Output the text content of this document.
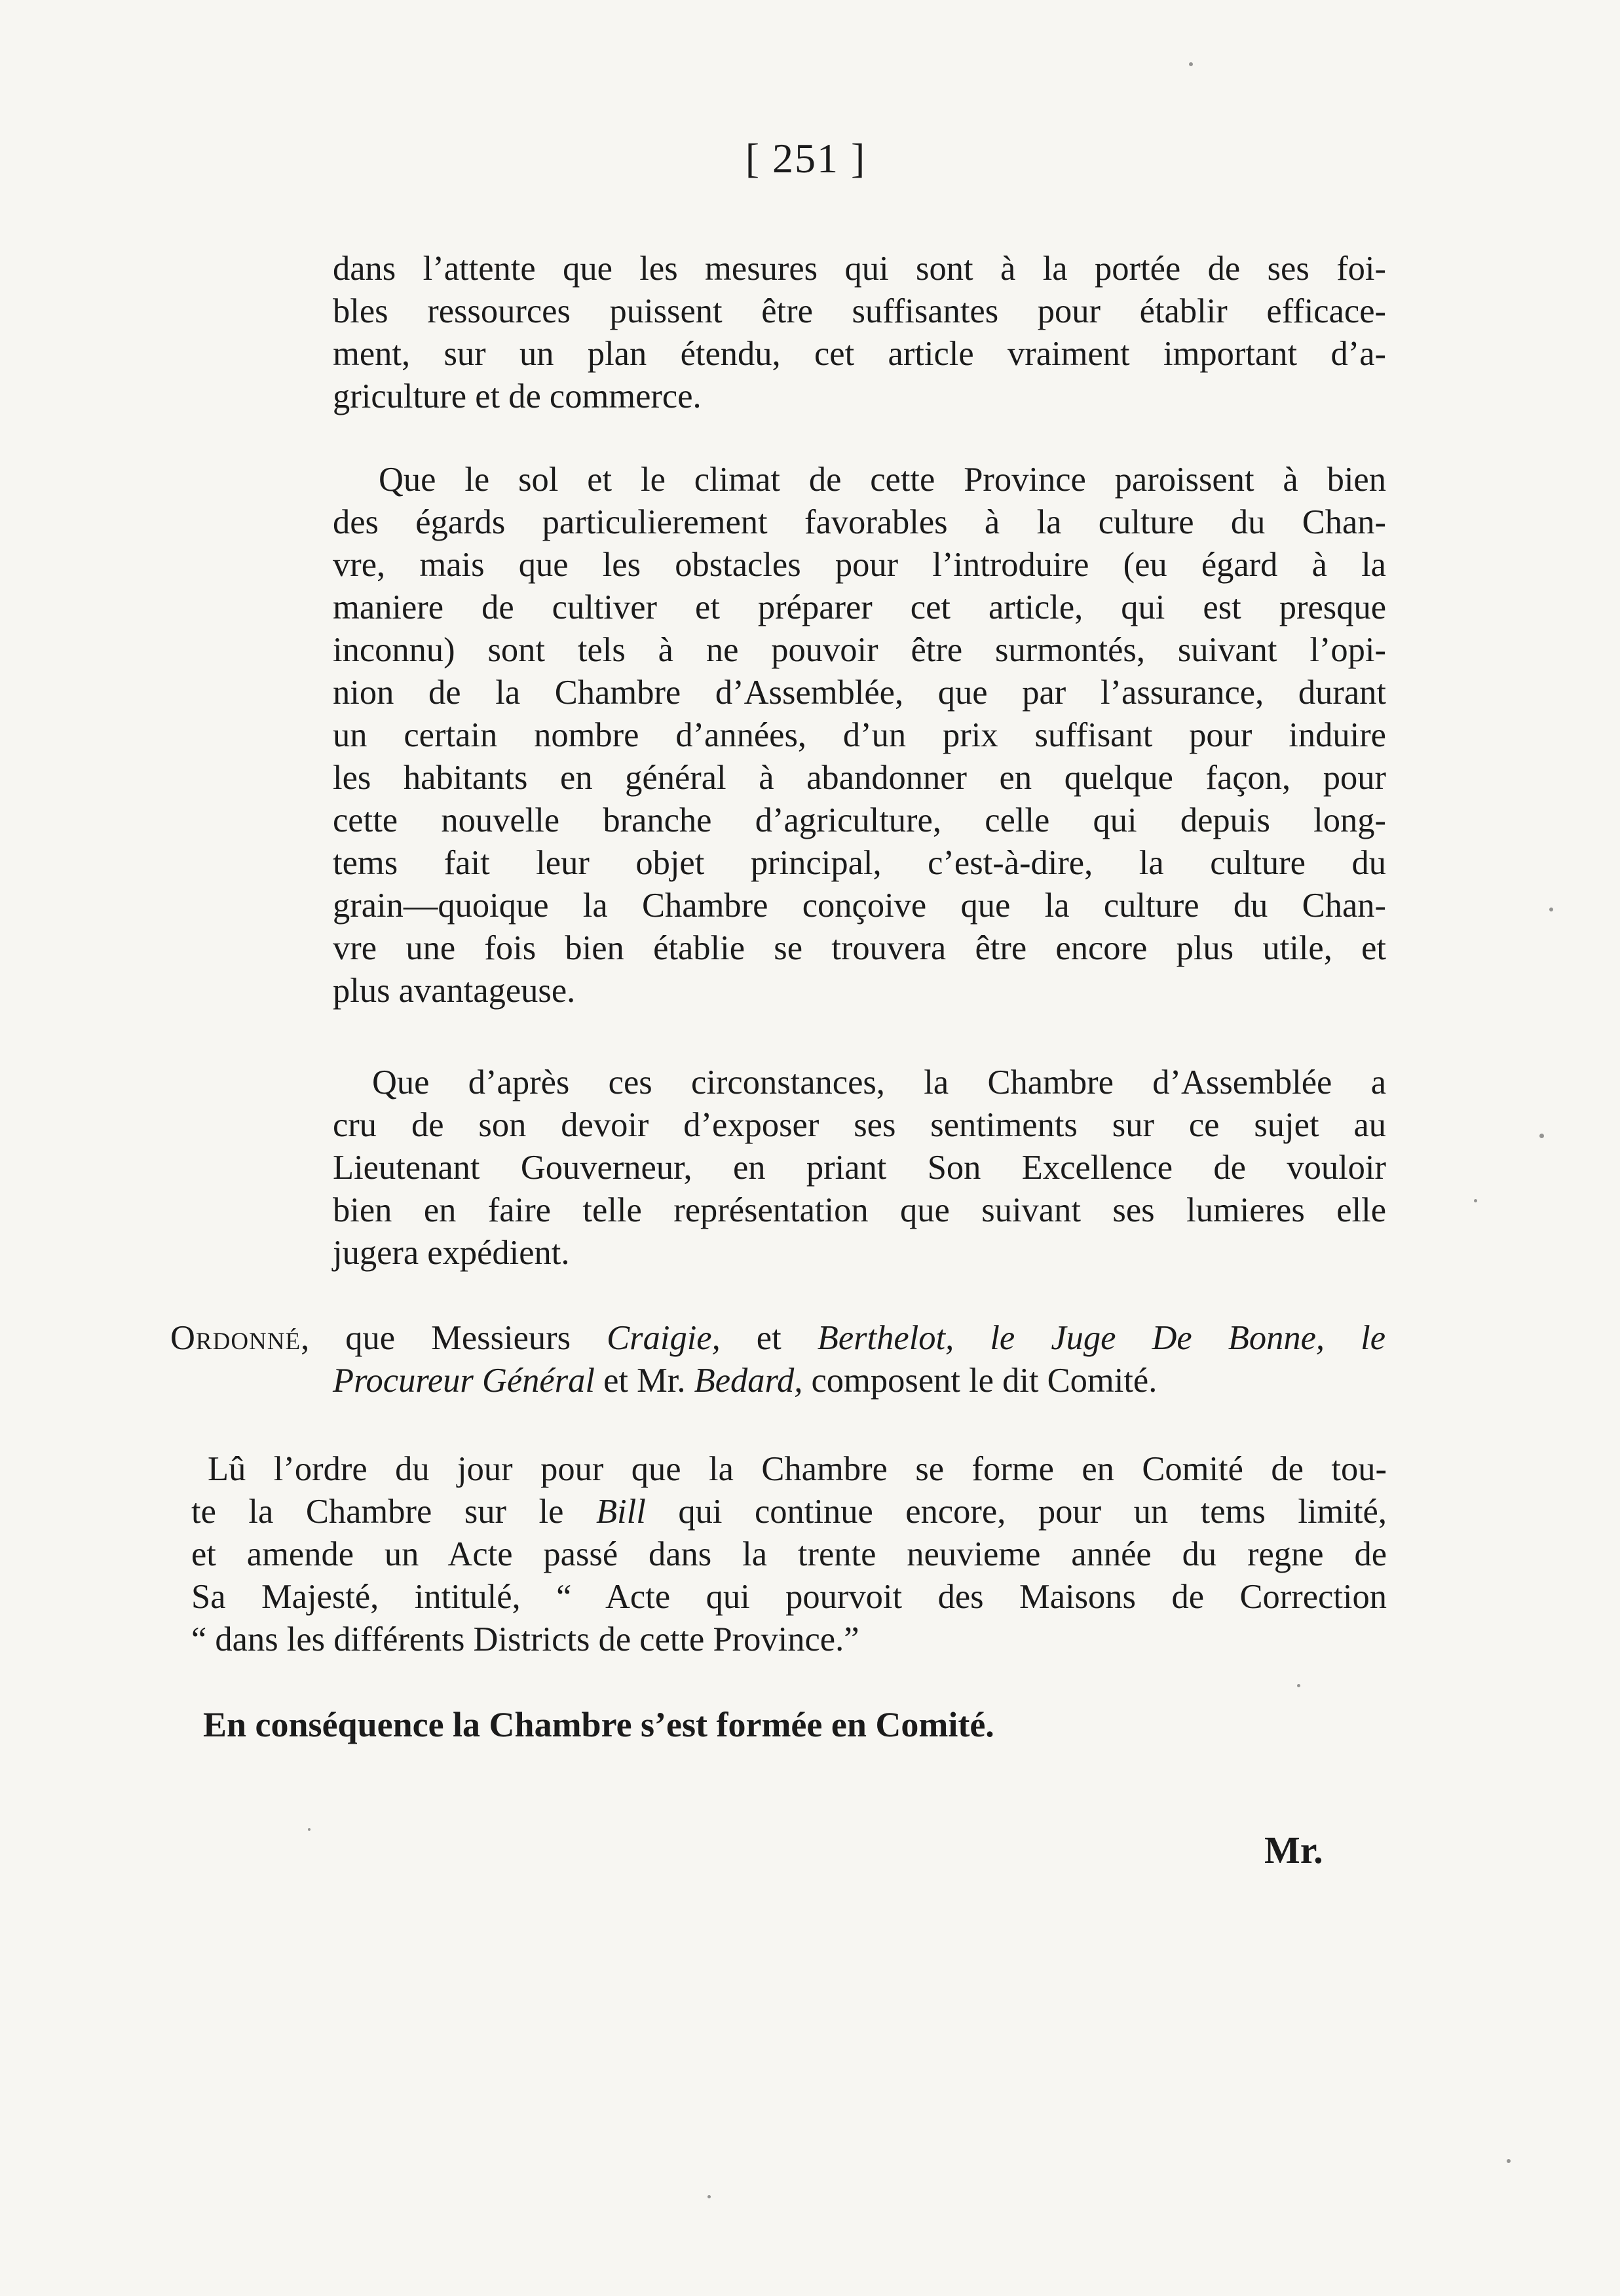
[ 251 ]
dans l’attente que les mesures qui sont à la portée de ses foi-
bles ressources puissent être suffisantes pour établir efficace-
ment, sur un plan étendu, cet article vraiment important d’a-
griculture et de commerce.
Que le sol et le climat de cette Province paroissent à bien
des égards particulierement favorables à la culture du Chan-
vre, mais que les obstacles pour l’introduire (eu égard à la
maniere de cultiver et préparer cet article, qui est presque
inconnu) sont tels à ne pouvoir être surmontés, suivant l’opi-
nion de la Chambre d’Assemblée, que par l’assurance, durant
un certain nombre d’années, d’un prix suffisant pour induire
les habitants en général à abandonner en quelque façon, pour
cette nouvelle branche d’agriculture, celle qui depuis long-
tems fait leur objet principal, c’est-à-dire, la culture du
grain—quoique la Chambre conçoive que la culture du Chan-
vre une fois bien établie se trouvera être encore plus utile, et
plus avantageuse.
Que d’après ces circonstances, la Chambre d’Assemblée a
cru de son devoir d’exposer ses sentiments sur ce sujet au
Lieutenant Gouverneur, en priant Son Excellence de vouloir
bien en faire telle représentation que suivant ses lumieres elle
jugera expédient.
Ordonné, que Messieurs Craigie, et Berthelot, le Juge De Bonne, le
Procureur Général et Mr. Bedard, composent le dit Comité.
Lû l’ordre du jour pour que la Chambre se forme en Comité de tou-
te la Chambre sur le Bill qui continue encore, pour un tems limité,
et amende un Acte passé dans la trente neuvieme année du regne de
Sa Majesté, intitulé, “ Acte qui pourvoit des Maisons de Correction
“ dans les différents Districts de cette Province.”
En conséquence la Chambre s’est formée en Comité.
Mr.
